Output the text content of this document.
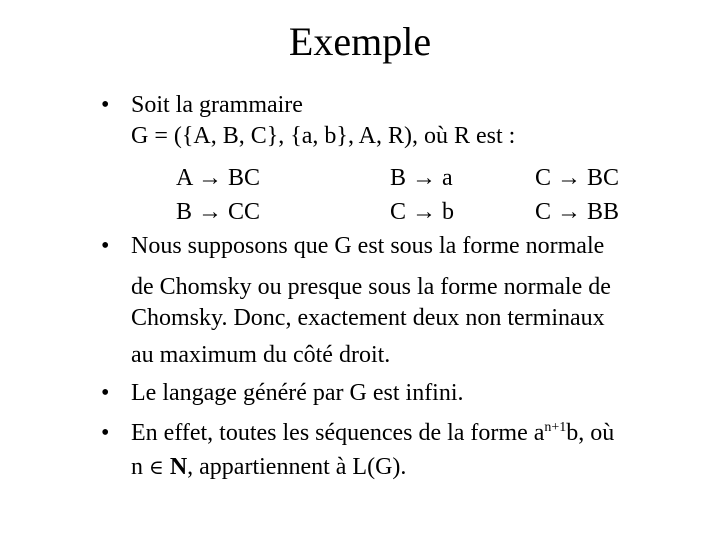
Exemple
• Soit la grammaire
G = ({A, B, C}, {a, b}, A, R), où R est :
A → BC	B → a	C → BC
B → CC	C → b	C → BB
• Nous supposons que G est sous la forme normale
de Chomsky ou presque sous la forme normale de
Chomsky. Donc, exactement deux non terminaux
au maximum du côté droit.
• Le langage généré par G est infini.
• En effet, toutes les séquences de la forme $a^{n+1}b$, où
n ∈ N, appartiennent à L(G).
